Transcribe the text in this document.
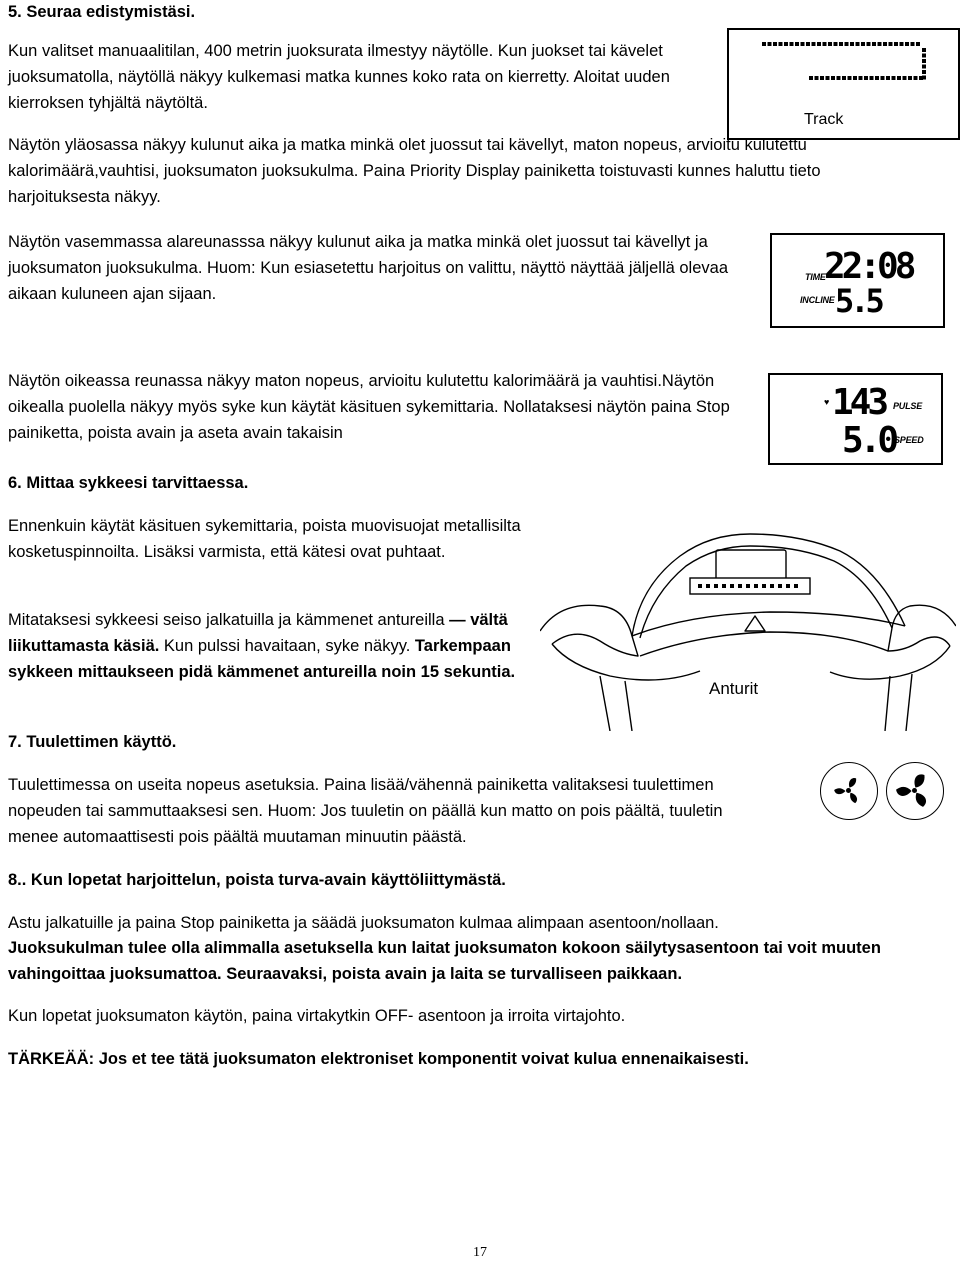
5. Seuraa edistymistäsi.

Kun valitset manuaalitilan, 400 metrin juoksurata ilmestyy näytölle. Kun juokset tai kävelet juoksumatolla, näytöllä näkyy kulkemasi matka kunnes koko rata on kierretty. Aloitat uuden kierroksen tyhjältä näytöltä.

Track

Näytön yläosassa näkyy kulunut aika ja matka minkä olet juossut tai kävellyt, maton nopeus, arvioitu kulutettu kalorimäärä,vauhtisi, juoksumaton juoksukulma. Paina Priority Display painiketta toistuvasti kunnes haluttu tieto harjoituksesta näkyy.

Näytön vasemmassa alareunasssa näkyy kulunut aika ja matka minkä olet juossut tai kävellyt ja juoksumaton juoksukulma. Huom: Kun esiasetettu harjoitus on valittu, näyttö näyttää jäljellä olevaa aikaan kuluneen ajan sijaan.

TIME
22:08
INCLINE 5.5

Näytön oikeassa reunassa näkyy maton nopeus, arvioitu kulutettu kalorimäärä ja vauhtisi.Näytön oikealla puolella näkyy myös syke kun käytät käsituen sykemittaria. Nollataksesi näytön paina Stop painiketta, poista avain ja aseta avain takaisin

♥ 143 PULSE
5.0
SPEED
6. Mittaa sykkeesi tarvittaessa.

Ennenkuin käytät käsituen sykemittaria, poista muovisuojat metallisilta kosketuspinnoilta. Lisäksi varmista, että kätesi ovat puhtaat.

Mitataksesi sykkeesi seiso jalkatuilla ja kämmenet antureilla — vältä liikuttamasta käsiä. Kun pulssi havaitaan, syke näkyy. Tarkempaan sykkeen mittaukseen pidä kämmenet antureilla noin 15 sekuntia.

Anturit
7. Tuulettimen käyttö.

Tuulettimessa on useita nopeus asetuksia. Paina lisää/vähennä painiketta valitaksesi tuulettimen nopeuden tai sammuttaaksesi sen. Huom: Jos tuuletin on päällä kun matto on pois päältä, tuuletin menee automaattisesti pois päältä muutaman minuutin päästä.

8.. Kun lopetat harjoittelun, poista turva-avain käyttöliittymästä.

Astu jalkatuille ja paina Stop painiketta ja säädä juoksumaton kulmaa alimpaan asentoon/nollaan.

Juoksukulman tulee olla alimmalla asetuksella kun laitat juoksumaton kokoon säilytysasentoon tai voit muuten vahingoittaa juoksumattoa. Seuraavaksi, poista avain ja laita se turvalliseen paikkaan.

Kun lopetat juoksumaton käytön, paina virtakytkin OFF- asentoon ja irroita virtajohto.

TÄRKEÄÄ: Jos et tee tätä juoksumaton elektroniset komponentit voivat kulua ennenaikaisesti.

17
